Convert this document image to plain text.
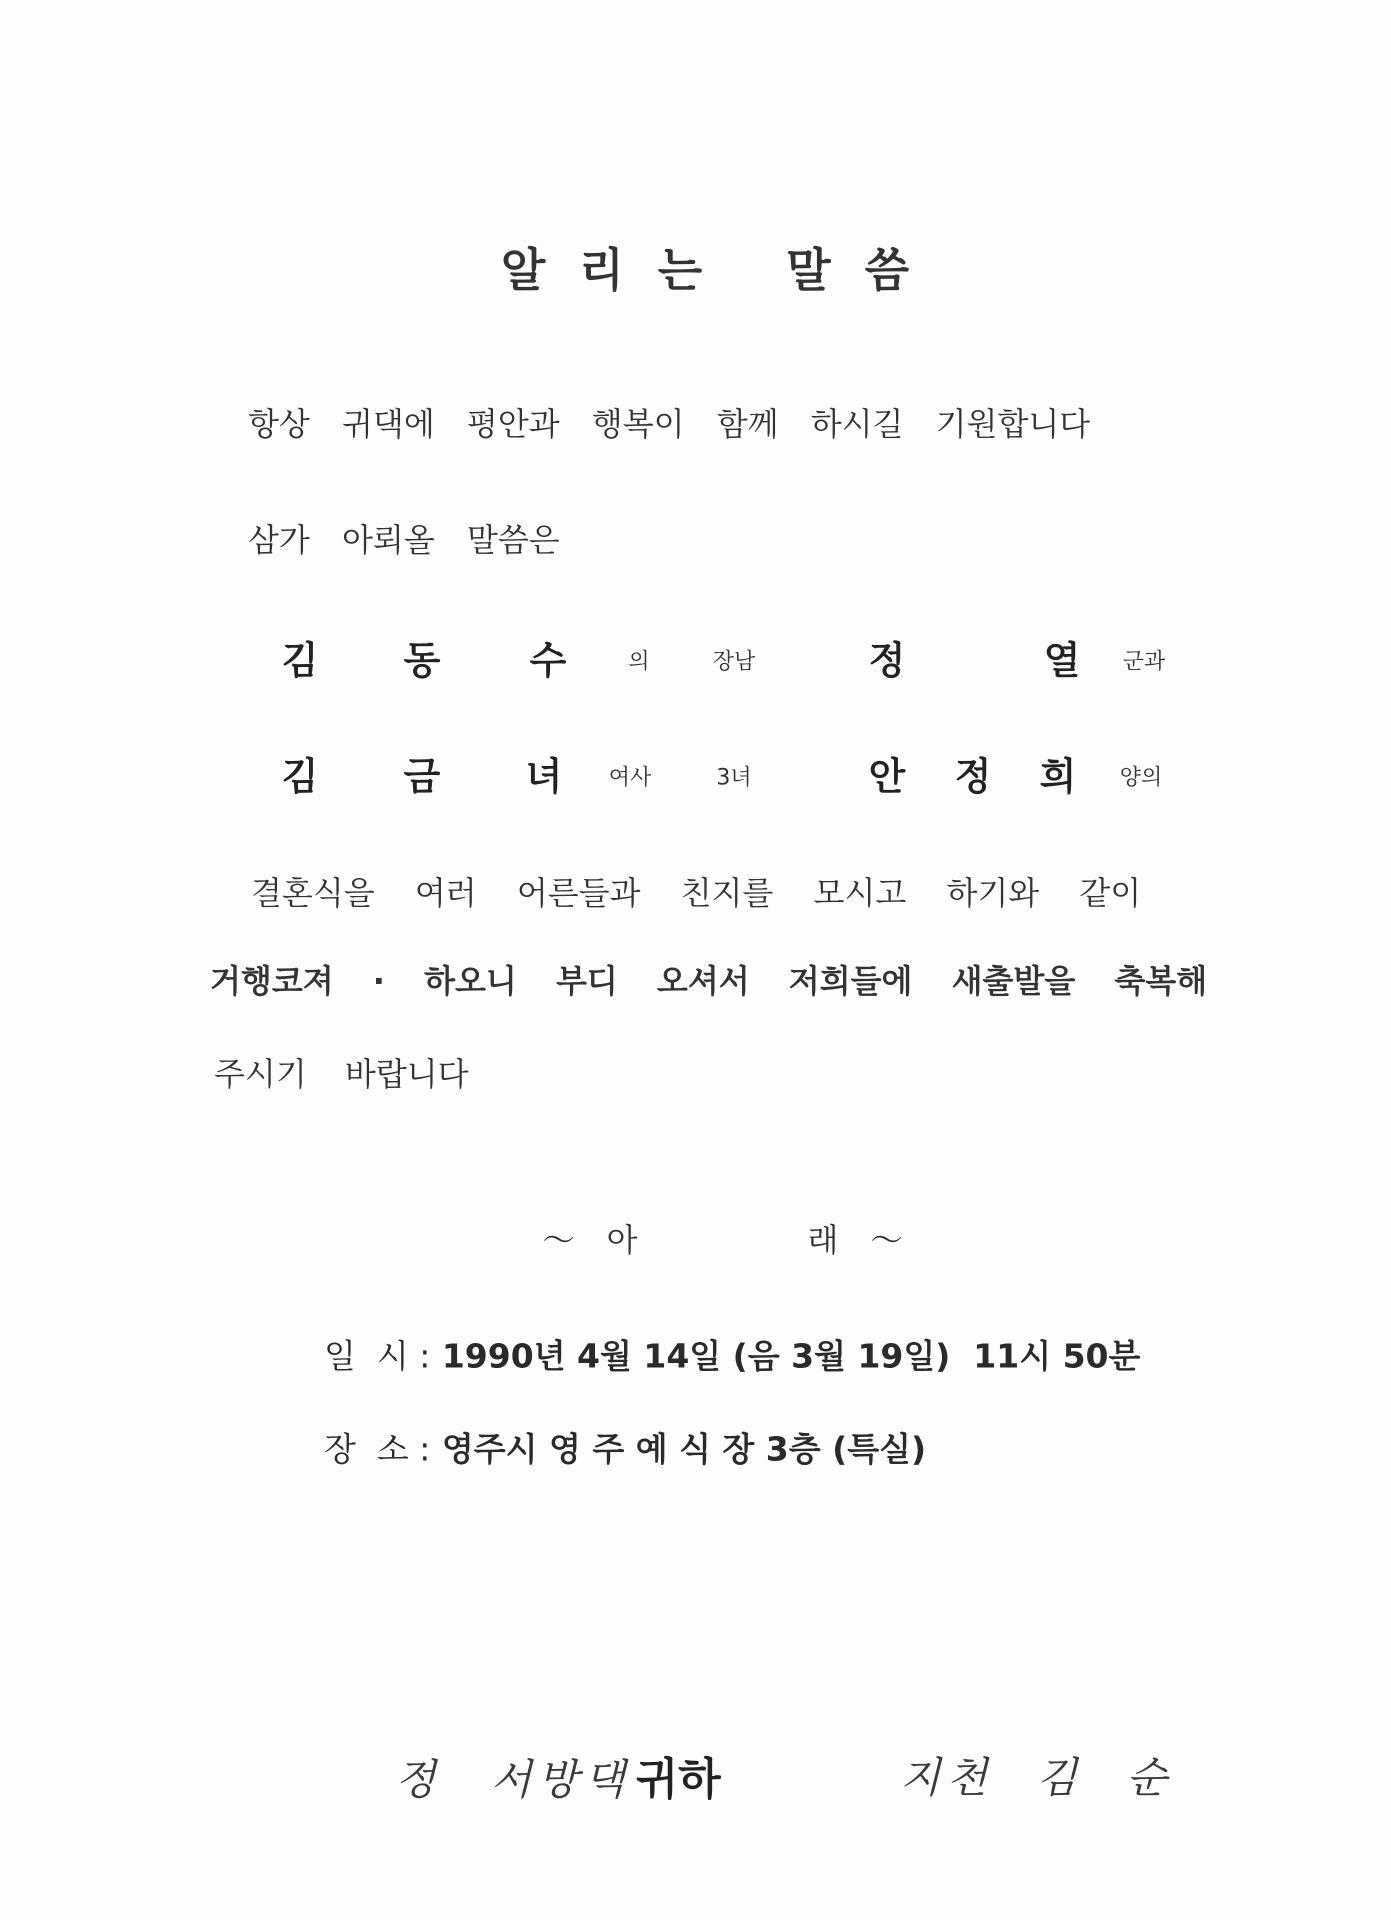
알리는 말씀
항상 귀댁에 평안과 행복이 함께 하시길 기원합니다
삼가 아뢰올 말씀은
김 동 수	의	장남	정	열 군과
김 금 녀 여사	3녀	안 정 희 양의
결혼식을 여러 어른들과 친지를 모시고 하기와 같이
거행코져 · 하오니 부디 오셔서 저희들에 새출발을 축복해
주시기 바랍니다
～ 아	래 ～
일  시 : 1990년 4월 14일 (음 3월 19일)  11시 50분
장  소 : 영주시 영 주 예 식 장 3층 (특실)
정 서방댁 귀하	지천 김 순
